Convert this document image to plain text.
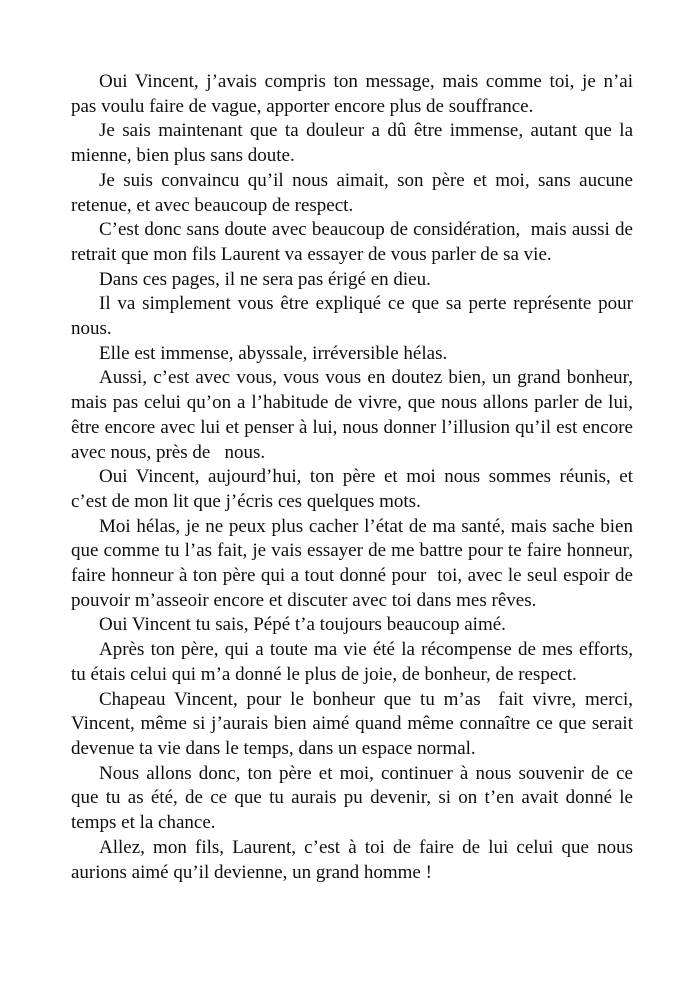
Oui Vincent, j’avais compris ton message, mais comme toi, je n’ai pas voulu faire de vague, apporter encore plus de souffrance.

Je sais maintenant que ta douleur a dû être immense, autant que la mienne, bien plus sans doute.

Je suis convaincu qu’il nous aimait, son père et moi, sans aucune retenue, et avec beaucoup de respect.

C’est donc sans doute avec beaucoup de considération,  mais aussi de retrait que mon fils Laurent va essayer de vous parler de sa vie.

Dans ces pages, il ne sera pas érigé en dieu.

Il va simplement vous être expliqué ce que sa perte représente pour nous.

Elle est immense, abyssale, irréversible hélas.

Aussi, c’est avec vous, vous vous en doutez bien, un grand bonheur, mais pas celui qu’on a l’habitude de vivre, que nous allons parler de lui, être encore avec lui et penser à lui, nous donner l’illusion qu’il est encore avec nous, près de   nous.

Oui Vincent, aujourd’hui, ton père et moi nous sommes réunis, et c’est de mon lit que j’écris ces quelques mots.

Moi hélas, je ne peux plus cacher l’état de ma santé, mais sache bien que comme tu l’as fait, je vais essayer de me battre pour te faire honneur, faire honneur à ton père qui a tout donné pour  toi, avec le seul espoir de pouvoir m’asseoir encore et discuter avec toi dans mes rêves.

Oui Vincent tu sais, Pépé t’a toujours beaucoup aimé.

Après ton père, qui a toute ma vie été la récompense de mes efforts, tu étais celui qui m’a donné le plus de joie, de bonheur, de respect.

Chapeau Vincent, pour le bonheur que tu m’as  fait vivre, merci, Vincent, même si j’aurais bien aimé quand même connaître ce que serait devenue ta vie dans le temps, dans un espace normal.

Nous allons donc, ton père et moi, continuer à nous souvenir de ce que tu as été, de ce que tu aurais pu devenir, si on t’en avait donné le temps et la chance.

Allez, mon fils, Laurent, c’est à toi de faire de lui celui que nous aurions aimé qu’il devienne, un grand homme !
